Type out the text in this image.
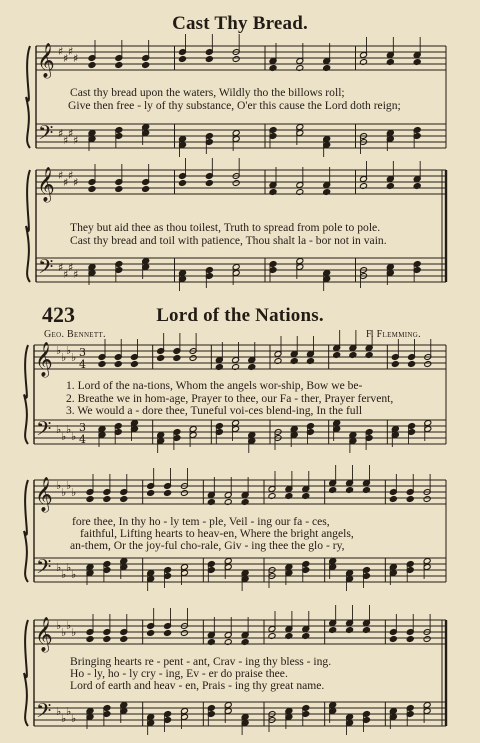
Cast Thy Bread.
𝄞
𝄢
♯
♯
♯
♯
♯
♯
♯
♯
𝄞
𝄢
♯
♯
♯
♯
♯
♯
♯
♯
𝄞
𝄢
♭
♭
♭
♭
♭
♭
♭
♭
3
4
3
4
𝄞
𝄢
♭
♭
♭
♭
♭
♭
♭
♭
𝄞
𝄢
♭
♭
♭
♭
♭
♭
♭
♭
Cast thy bread upon the waters, Wildly tho the billows roll;
Give then free - ly of thy substance, O'er this cause the Lord doth reign;
They but aid thee as thou toilest, Truth to spread from pole to pole.
Cast thy bread and toil with patience, Thou shalt la - bor not in vain.
423	Lord of the Nations.
Geo. Bennett.	F. Flemming.
1. Lord of the na-tions, Whom the angels wor-ship, Bow we be-
2. Breathe we in hom-age, Prayer to thee, our Fa - ther, Prayer fervent,
3. We would a - dore thee, Tuneful voi-ces blend-ing, In the full
fore thee, In thy ho - ly tem - ple, Veil - ing our fa - ces,
faithful, Lifting hearts to heav-en, Where the bright angels,
an-them, Or the joy-ful cho-rale, Giv - ing thee the glo - ry,
Bringing hearts re - pent - ant, Crav - ing thy bless - ing.
Ho - ly, ho - ly cry - ing, Ev - er do praise thee.
Lord of earth and heav - en, Prais - ing thy great name.
